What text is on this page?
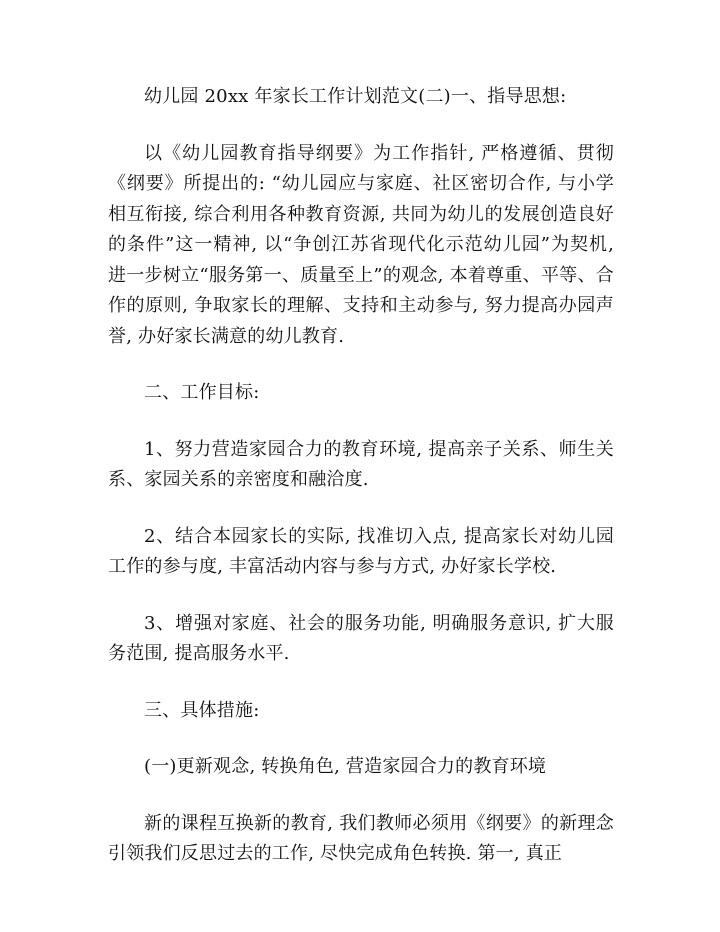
幼儿园 20xx 年家长工作计划范文(二)一、指导思想:

以《幼儿园教育指导纲要》为工作指针, 严格遵循、贯彻《纲要》所提出的: “幼儿园应与家庭、社区密切合作, 与小学相互衔接, 综合利用各种教育资源, 共同为幼儿的发展创造良好的条件”这一精神, 以“争创江苏省现代化示范幼儿园”为契机, 进一步树立“服务第一、质量至上”的观念, 本着尊重、平等、合作的原则, 争取家长的理解、支持和主动参与, 努力提高办园声誉, 办好家长满意的幼儿教育.

二、工作目标:

1、努力营造家园合力的教育环境, 提高亲子关系、师生关系、家园关系的亲密度和融洽度.

2、结合本园家长的实际, 找准切入点, 提高家长对幼儿园工作的参与度, 丰富活动内容与参与方式, 办好家长学校.

3、增强对家庭、社会的服务功能, 明确服务意识, 扩大服务范围, 提高服务水平.

三、具体措施:

(一)更新观念, 转换角色, 营造家园合力的教育环境

新的课程互换新的教育, 我们教师必须用《纲要》的新理念引领我们反思过去的工作, 尽快完成角色转换. 第一, 真正
